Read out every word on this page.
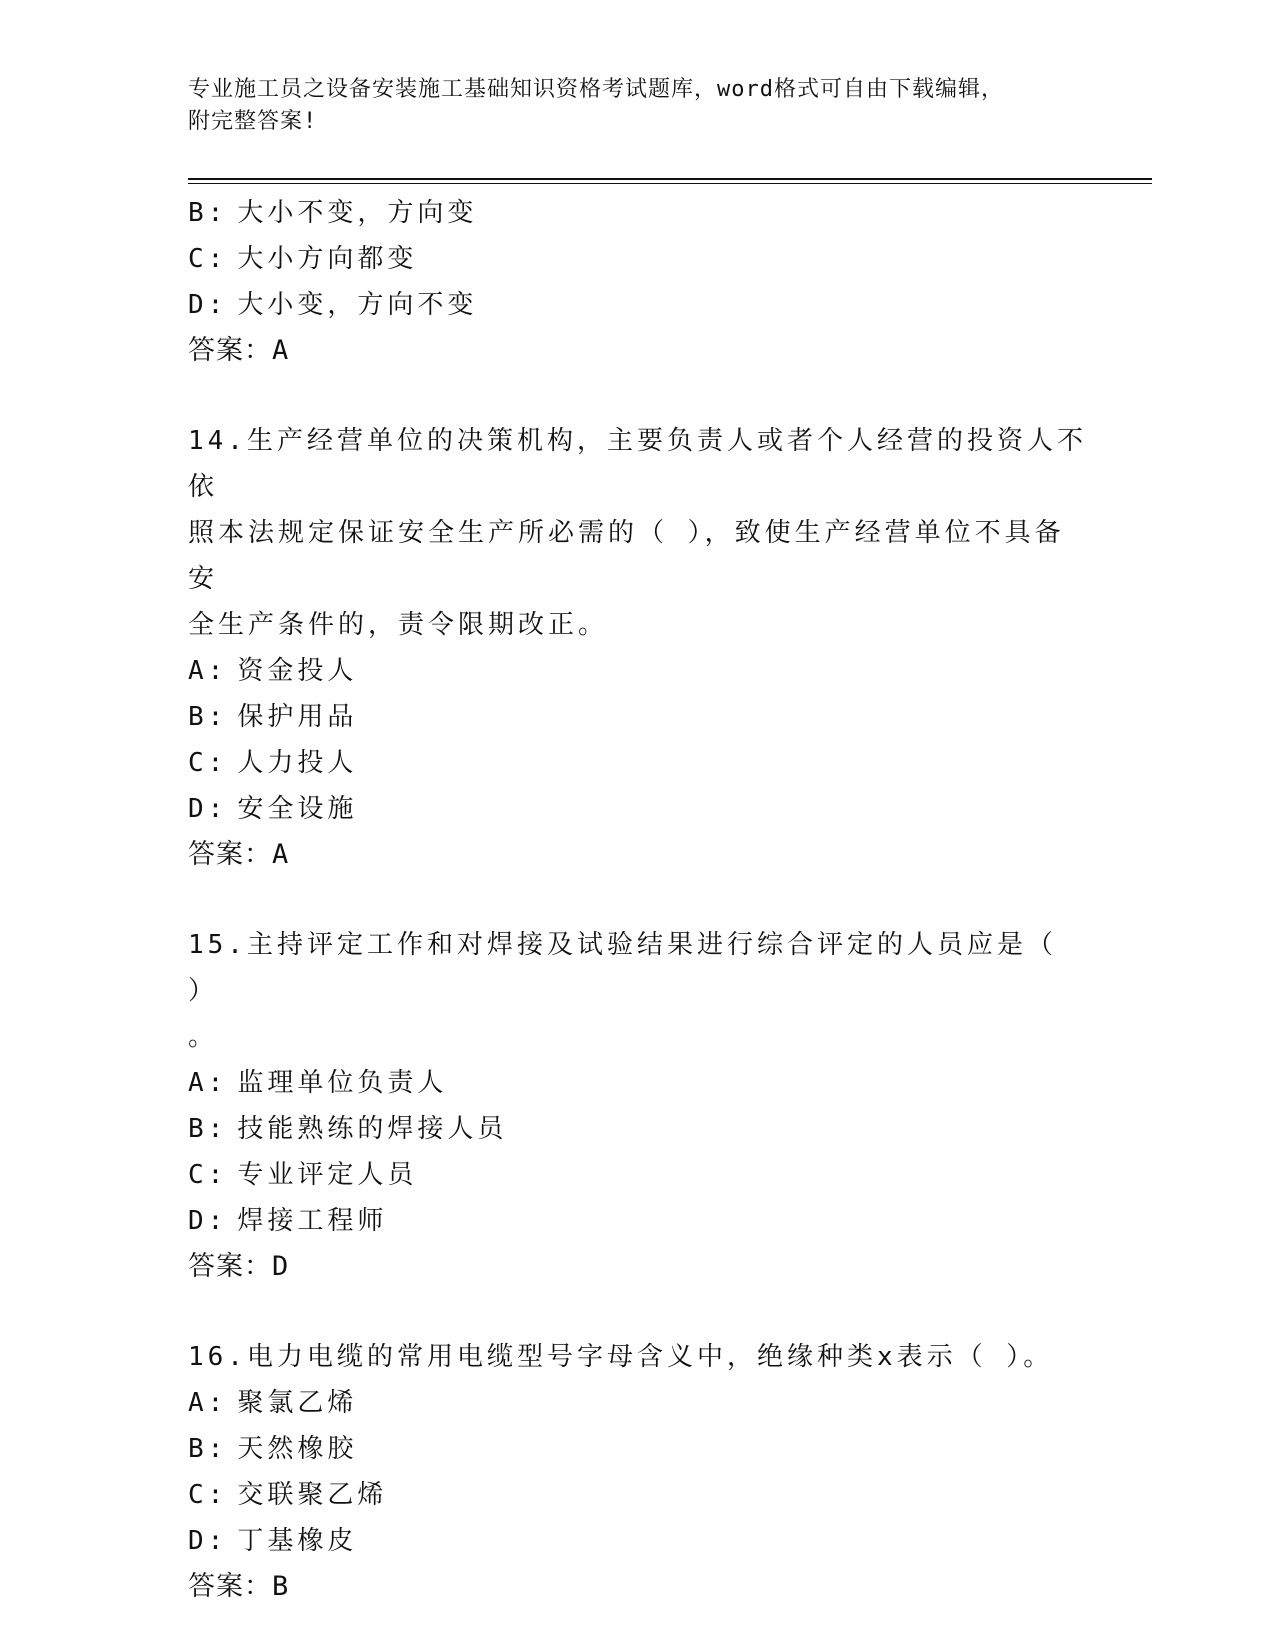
专业施工员之设备安装施工基础知识资格考试题库，word格式可自由下载编辑，
附完整答案!
B: 大小不变，方向变
C: 大小方向都变
D: 大小变，方向不变
答案：A
14.生产经营单位的决策机构，主要负责人或者个人经营的投资人不依
照本法规定保证安全生产所必需的（ ），致使生产经营单位不具备安
全生产条件的，责令限期改正。
A: 资金投人
B: 保护用品
C: 人力投人
D: 安全设施
答案：A
15.主持评定工作和对焊接及试验结果进行综合评定的人员应是（ ）
。
A: 监理单位负责人
B: 技能熟练的焊接人员
C: 专业评定人员
D: 焊接工程师
答案：D
16.电力电缆的常用电缆型号字母含义中，绝缘种类x表示（ ）。
A: 聚氯乙烯
B: 天然橡胶
C: 交联聚乙烯
D: 丁基橡皮
答案：B
